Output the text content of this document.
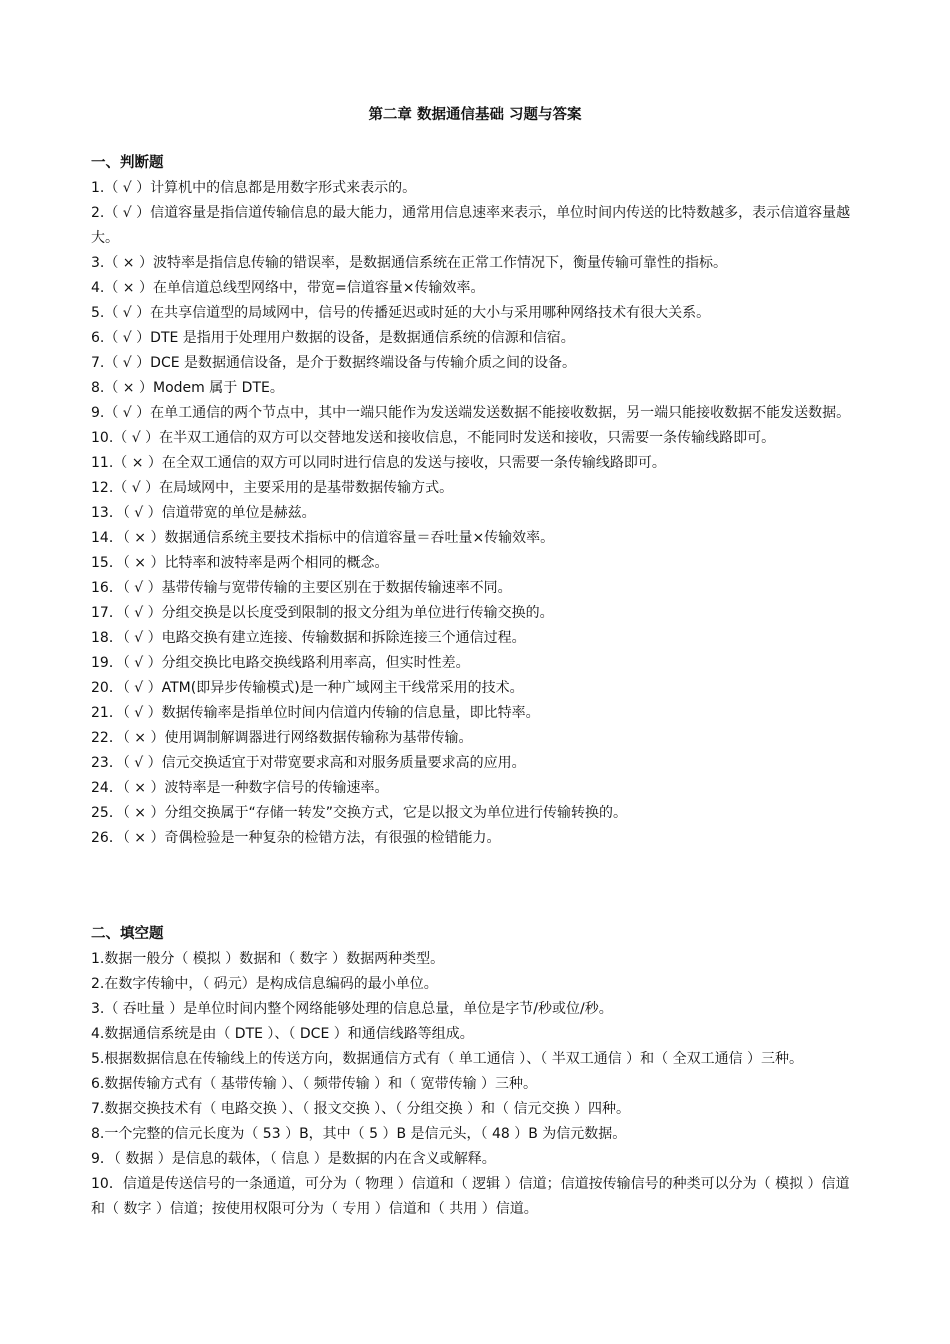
第二章 数据通信基础 习题与答案
一、判断题
1.（ √ ）计算机中的信息都是用数字形式来表示的。
2.（ √ ）信道容量是指信道传输信息的最大能力，通常用信息速率来表示，单位时间内传送的比特数越多，表示信道容量越大。
3.（ × ）波特率是指信息传输的错误率，是数据通信系统在正常工作情况下，衡量传输可靠性的指标。
4.（ × ）在单信道总线型网络中，带宽=信道容量×传输效率。
5.（ √ ）在共享信道型的局域网中，信号的传播延迟或时延的大小与采用哪种网络技术有很大关系。
6.（ √ ）DTE 是指用于处理用户数据的设备，是数据通信系统的信源和信宿。
7.（ √ ）DCE 是数据通信设备，是介于数据终端设备与传输介质之间的设备。
8.（ × ）Modem 属于 DTE。
9.（ √ ）在单工通信的两个节点中，其中一端只能作为发送端发送数据不能接收数据，另一端只能接收数据不能发送数据。
10.（ √ ）在半双工通信的双方可以交替地发送和接收信息，不能同时发送和接收，只需要一条传输线路即可。
11.（ × ）在全双工通信的双方可以同时进行信息的发送与接收，只需要一条传输线路即可。
12.（ √ ）在局域网中，主要采用的是基带数据传输方式。
13．（ √ ）信道带宽的单位是赫兹。
14．（ × ）数据通信系统主要技术指标中的信道容量＝吞吐量×传输效率。
15．（ × ）比特率和波特率是两个相同的概念。
16．（ √ ）基带传输与宽带传输的主要区别在于数据传输速率不同。
17．（ √ ）分组交换是以长度受到限制的报文分组为单位进行传输交换的。
18．（ √ ）电路交换有建立连接、传输数据和拆除连接三个通信过程。
19．（ √ ）分组交换比电路交换线路利用率高，但实时性差。
20．（ √ ）ATM(即异步传输模式)是一种广域网主干线常采用的技术。
21．（ √ ）数据传输率是指单位时间内信道内传输的信息量，即比特率。
22．（ × ）使用调制解调器进行网络数据传输称为基带传输。
23．（ √ ）信元交换适宜于对带宽要求高和对服务质量要求高的应用。
24．（ × ）波特率是一种数字信号的传输速率。
25．（ × ）分组交换属于“存储一转发”交换方式，它是以报文为单位进行传输转换的。
26．（ × ）奇偶检验是一种复杂的检错方法，有很强的检错能力。
二、填空题
1.数据一般分（ 模拟 ）数据和（ 数字 ）数据两种类型。
2.在数字传输中，（ 码元）是构成信息编码的最小单位。
3.（ 吞吐量 ）是单位时间内整个网络能够处理的信息总量，单位是字节/秒或位/秒。
4.数据通信系统是由（ DTE ）、（ DCE ）和通信线路等组成。
5.根据数据信息在传输线上的传送方向，数据通信方式有（ 单工通信 ）、（ 半双工通信 ）和（ 全双工通信 ）三种。
6.数据传输方式有（ 基带传输 ）、（ 频带传输 ）和（ 宽带传输 ）三种。
7.数据交换技术有（ 电路交换 ）、（ 报文交换 ）、（ 分组交换 ）和（ 信元交换 ）四种。
8.一个完整的信元长度为（ 53 ）B，其中（ 5 ）B 是信元头，（ 48 ）B 为信元数据。
9．（ 数据 ）是信息的载体，（ 信息 ）是数据的内在含义或解释。
10．信道是传送信号的一条通道，可分为（ 物理 ）信道和（ 逻辑 ）信道；信道按传输信号的种类可以分为（ 模拟 ）信道和（ 数字 ）信道；按使用权限可分为（ 专用 ）信道和（ 共用 ）信道。
